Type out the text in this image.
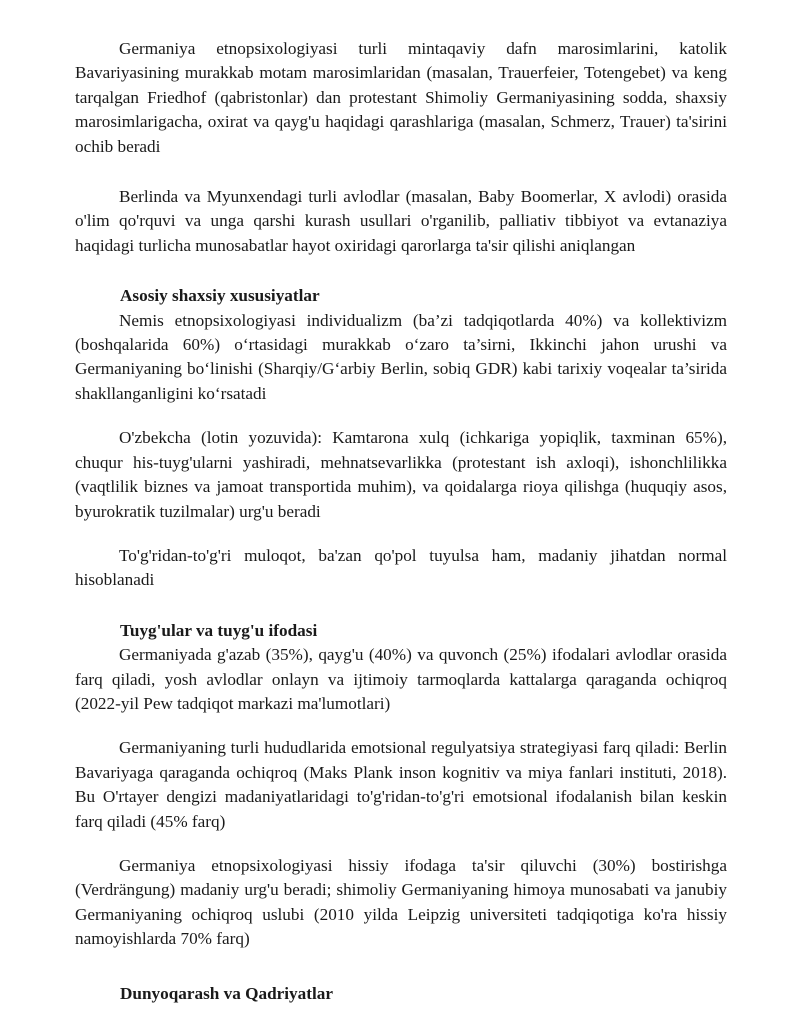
Germaniya etnopsixologiyasi turli mintaqaviy dafn marosimlarini, katolik Bavariyasining murakkab motam marosimlaridan (masalan, Trauerfeier, Totengebet) va keng tarqalgan Friedhof (qabristonlar) dan protestant Shimoliy Germaniyasining sodda, shaxsiy marosimlarigacha, oxirat va qayg'u haqidagi qarashlariga (masalan, Schmerz, Trauer) ta'sirini ochib beradi

Berlinda va Myunxendagi turli avlodlar (masalan, Baby Boomerlar, X avlodi) orasida o'lim qo'rquvi va unga qarshi kurash usullari o'rganilib, palliativ tibbiyot va evtanaziya haqidagi turlicha munosabatlar hayot oxiridagi qarorlarga ta'sir qilishi aniqlangan

Asosiy shaxsiy xususiyatlar

Nemis etnopsixologiyasi individualizm (ba’zi tadqiqotlarda 40%) va kollektivizm (boshqalarida 60%) o‘rtasidagi murakkab o‘zaro ta’sirni, Ikkinchi jahon urushi va Germaniyaning bo‘linishi (Sharqiy/G‘arbiy Berlin, sobiq GDR) kabi tarixiy voqealar ta’sirida shakllanganligini ko‘rsatadi

O'zbekcha (lotin yozuvida): Kamtarona xulq (ichkariga yopiqlik, taxminan 65%), chuqur his-tuyg'ularni yashiradi, mehnatsevarlikka (protestant ish axloqi), ishonchlilikka (vaqtlilik biznes va jamoat transportida muhim), va qoidalarga rioya qilishga (huquqiy asos, byurokratik tuzilmalar) urg'u beradi

To'g'ridan-to'g'ri muloqot, ba'zan qo'pol tuyulsa ham, madaniy jihatdan normal hisoblanadi

Tuyg'ular va tuyg'u ifodasi

Germaniyada g'azab (35%), qayg'u (40%) va quvonch (25%) ifodalari avlodlar orasida farq qiladi, yosh avlodlar onlayn va ijtimoiy tarmoqlarda kattalarga qaraganda ochiqroq (2022-yil Pew tadqiqot markazi ma'lumotlari)

Germaniyaning turli hududlarida emotsional regulyatsiya strategiyasi farq qiladi: Berlin Bavariyaga qaraganda ochiqroq (Maks Plank inson kognitiv va miya fanlari instituti, 2018). Bu O'rtayer dengizi madaniyatlaridagi to'g'ridan-to'g'ri emotsional ifodalanish bilan keskin farq qiladi (45% farq)

Germaniya etnopsixologiyasi hissiy ifodaga ta'sir qiluvchi (30%) bostirishga (Verdrängung) madaniy urg'u beradi; shimoliy Germaniyaning himoya munosabati va janubiy Germaniyaning ochiqroq uslubi (2010 yilda Leipzig universiteti tadqiqotiga ko'ra hissiy namoyishlarda 70% farq)

Dunyoqarash va Qadriyatlar
